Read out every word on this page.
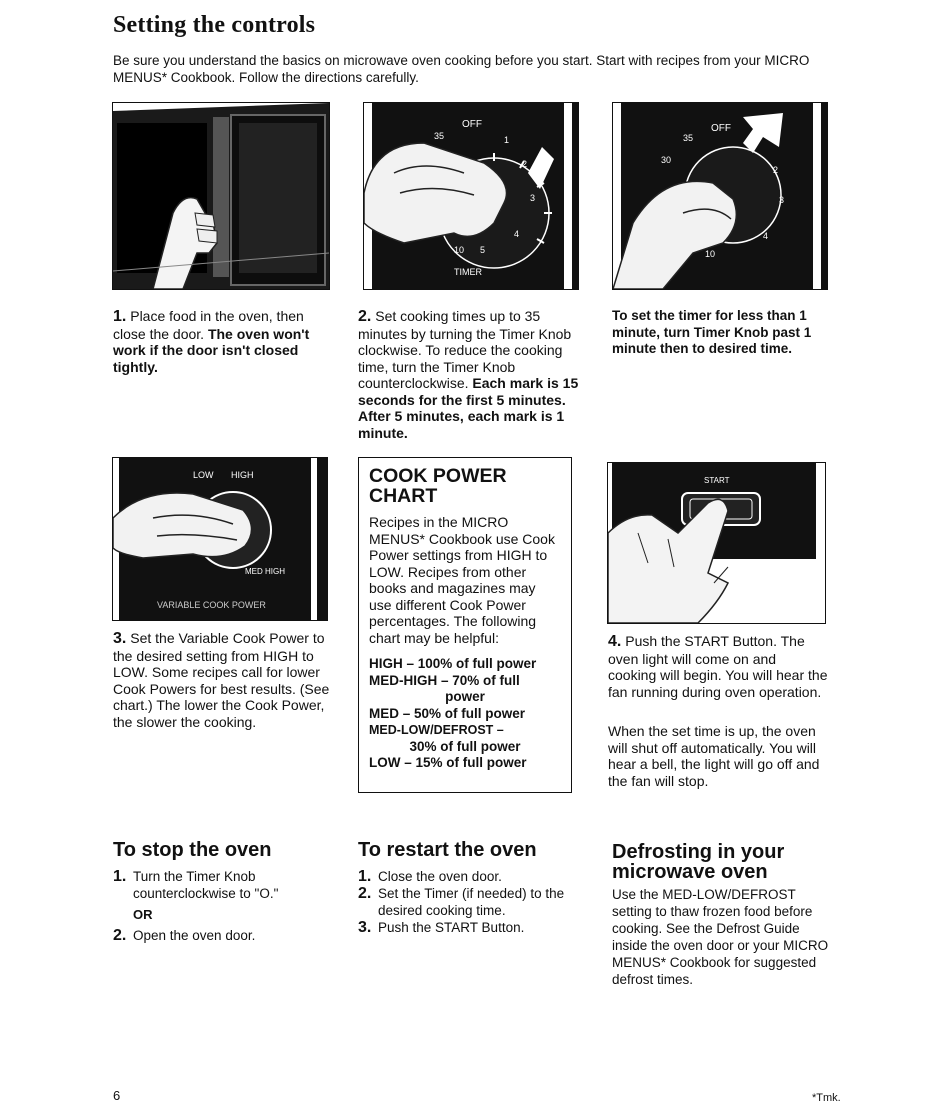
Setting the controls
Be sure you understand the basics on microwave oven cooking before you start. Start with recipes from your MICRO MENUS* Cookbook. Follow the directions carefully.
OFF
35	1
2
3
4
10 5
TIMER
OFF
35
30
2
3
4
10
1. Place food in the oven, then close the door. The oven won't work if the door isn't closed tightly.
2. Set cooking times up to 35 minutes by turning the Timer Knob clockwise. To reduce the cooking time, turn the Timer Knob counterclockwise. Each mark is 15 seconds for the first 5 minutes. After 5 minutes, each mark is 1 minute.
To set the timer for less than 1 minute, turn Timer Knob past 1 minute then to desired time.
LOW HIGH
MED HIGH
VARIABLE COOK POWER
3. Set the Variable Cook Power to the desired setting from HIGH to LOW. Some recipes call for lower Cook Powers for best results. (See chart.) The lower the Cook Power, the slower the cooking.
COOK POWER
CHART
Recipes in the MICRO MENUS* Cookbook use Cook Power settings from HIGH to LOW. Recipes from other books and magazines may use different Cook Power percentages. The following chart may be helpful:
HIGH – 100% of full power
MED-HIGH – 70% of full
power
MED – 50% of full power
MED-LOW/DEFROST –
30% of full power
LOW – 15% of full power
START
4. Push the START Button. The oven light will come on and cooking will begin. You will hear the fan running during oven operation.
When the set time is up, the oven will shut off automatically. You will hear a bell, the light will go off and the fan will stop.
To stop the oven
1. Turn the Timer Knob counterclockwise to "O."
OR
2. Open the oven door.
To restart the oven
1. Close the oven door.
2. Set the Timer (if needed) to the desired cooking time.
3. Push the START Button.
Defrosting in your
microwave oven
Use the MED-LOW/DEFROST setting to thaw frozen food before cooking. See the Defrost Guide inside the oven door or your MICRO MENUS* Cookbook for suggested defrost times.
6	*Tmk.
